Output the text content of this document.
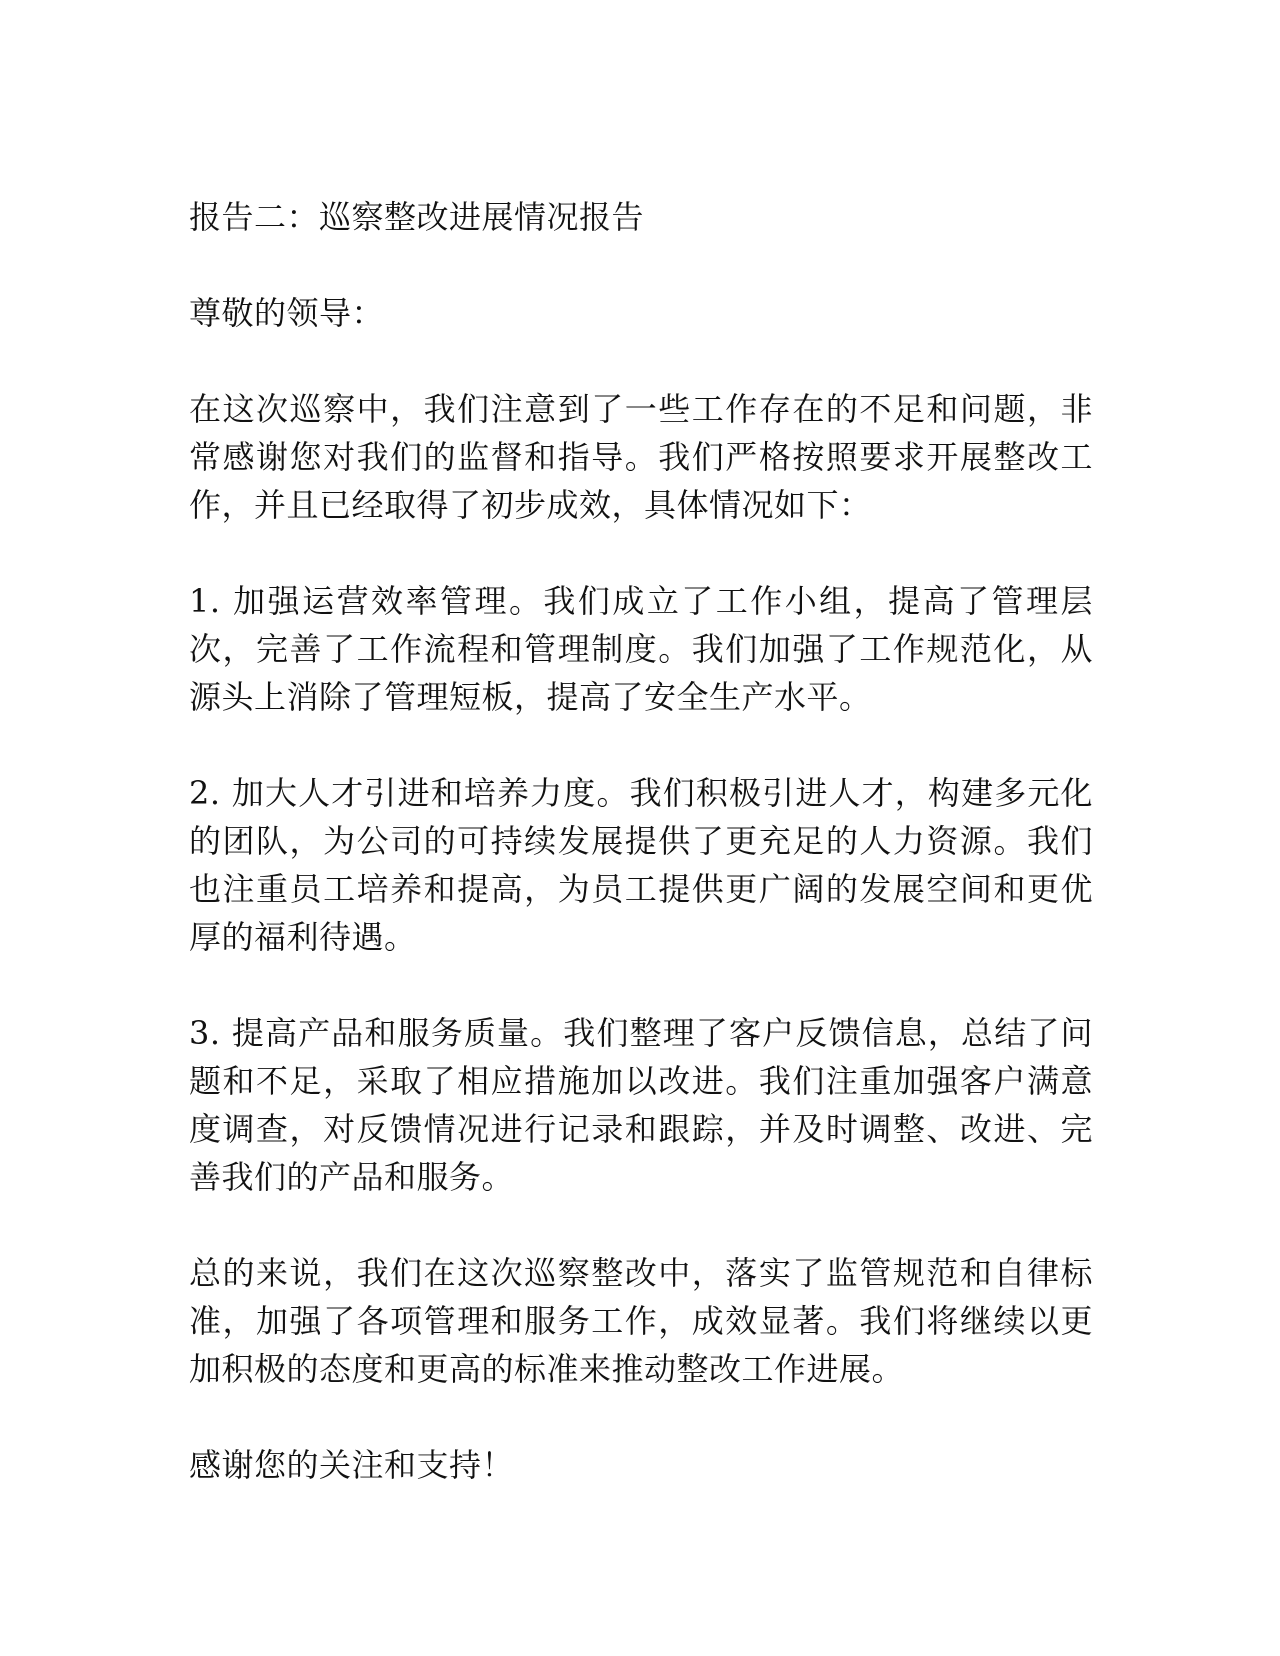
报告二：巡察整改进展情况报告

尊敬的领导：

在这次巡察中，我们注意到了一些工作存在的不足和问题，非常感谢您对我们的监督和指导。我们严格按照要求开展整改工作，并且已经取得了初步成效，具体情况如下：

1. 加强运营效率管理。我们成立了工作小组，提高了管理层次，完善了工作流程和管理制度。我们加强了工作规范化，从源头上消除了管理短板，提高了安全生产水平。

2. 加大人才引进和培养力度。我们积极引进人才，构建多元化的团队，为公司的可持续发展提供了更充足的人力资源。我们也注重员工培养和提高，为员工提供更广阔的发展空间和更优厚的福利待遇。

3. 提高产品和服务质量。我们整理了客户反馈信息，总结了问题和不足，采取了相应措施加以改进。我们注重加强客户满意度调查，对反馈情况进行记录和跟踪，并及时调整、改进、完善我们的产品和服务。

总的来说，我们在这次巡察整改中，落实了监管规范和自律标准，加强了各项管理和服务工作，成效显著。我们将继续以更加积极的态度和更高的标准来推动整改工作进展。

感谢您的关注和支持！
